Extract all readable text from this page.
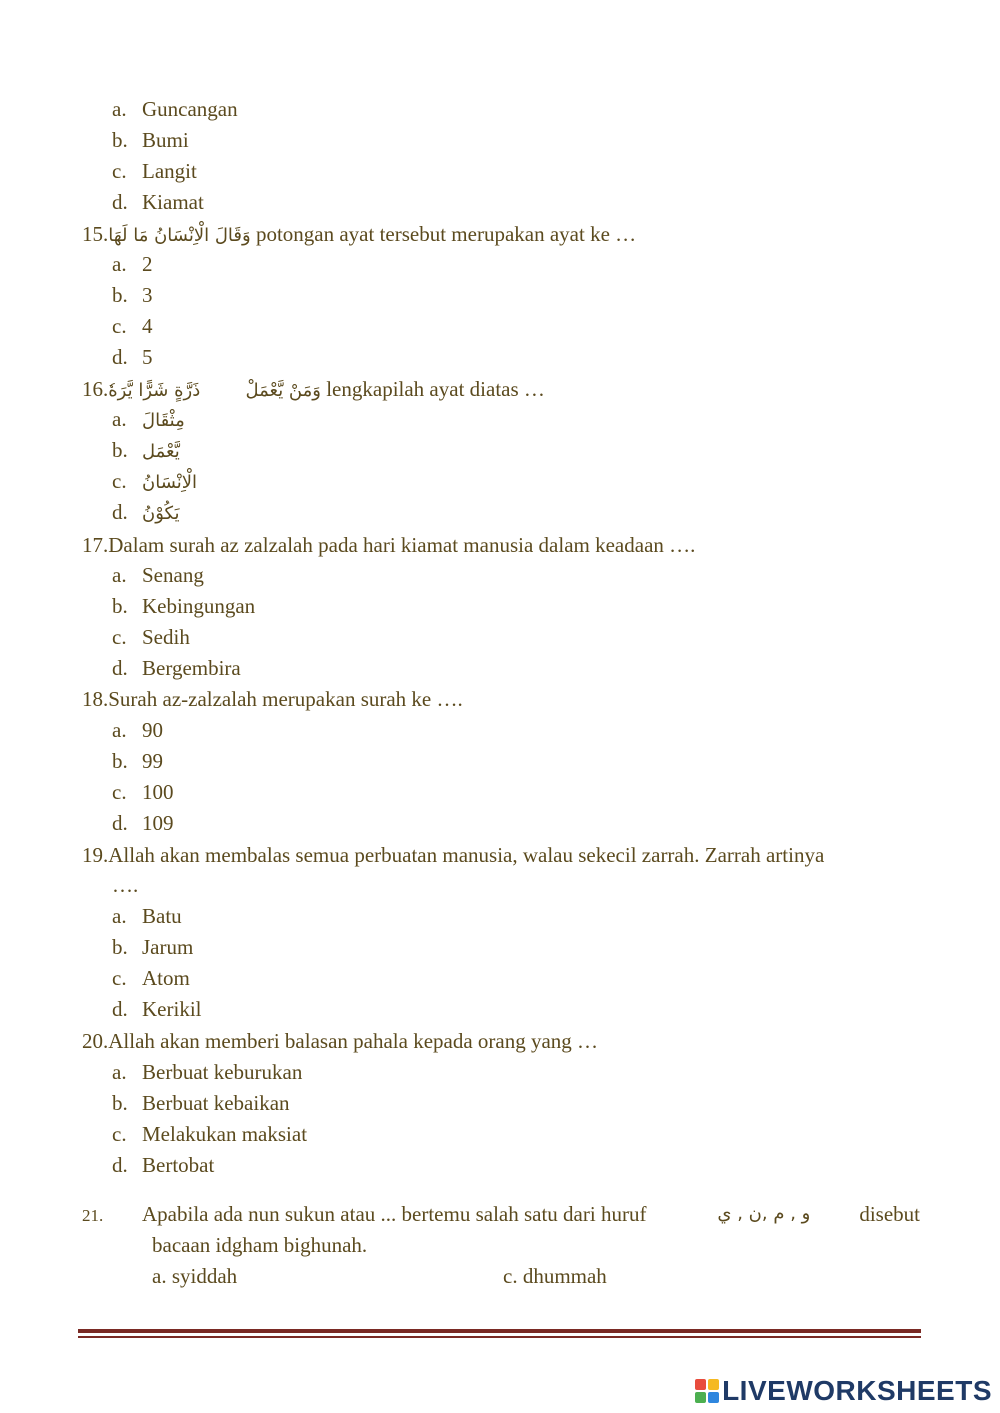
a. Guncangan
b. Bumi
c. Langit
d. Kiamat
15.وَقَالَ الْاِنْسَانُ مَا لَهَا potongan ayat tersebut merupakan ayat ke …
a. 2
b. 3
c. 4
d. 5
16.ذَرَّةٍ شَرًّا يَّرَهٗ	وَمَنْ يَّعْمَلْ lengkapilah ayat diatas …
a. مِثْقَالَ
b. يَّعْمَل
c. الْاِنْسَانُ
d. يَكُوْنُ
17.Dalam surah az zalzalah pada hari kiamat manusia dalam keadaan ….
a. Senang
b. Kebingungan
c. Sedih
d. Bergembira
18.Surah az-zalzalah merupakan surah ke ….
a. 90
b. 99
c. 100
d. 109
19.Allah akan membalas semua perbuatan manusia, walau sekecil zarrah. Zarrah artinya
….
a. Batu
b. Jarum
c. Atom
d. Kerikil
20.Allah akan memberi balasan pahala kepada orang yang …
a. Berbuat keburukan
b. Berbuat kebaikan
c. Melakukan maksiat
d. Bertobat
21.	Apabila ada nun sukun atau ... bertemu salah satu dari huruf	و , م ,ن , ي disebut
bacaan idgham bighunah.
a. syiddah	c. dhummah
LIVEWORKSHEETS
